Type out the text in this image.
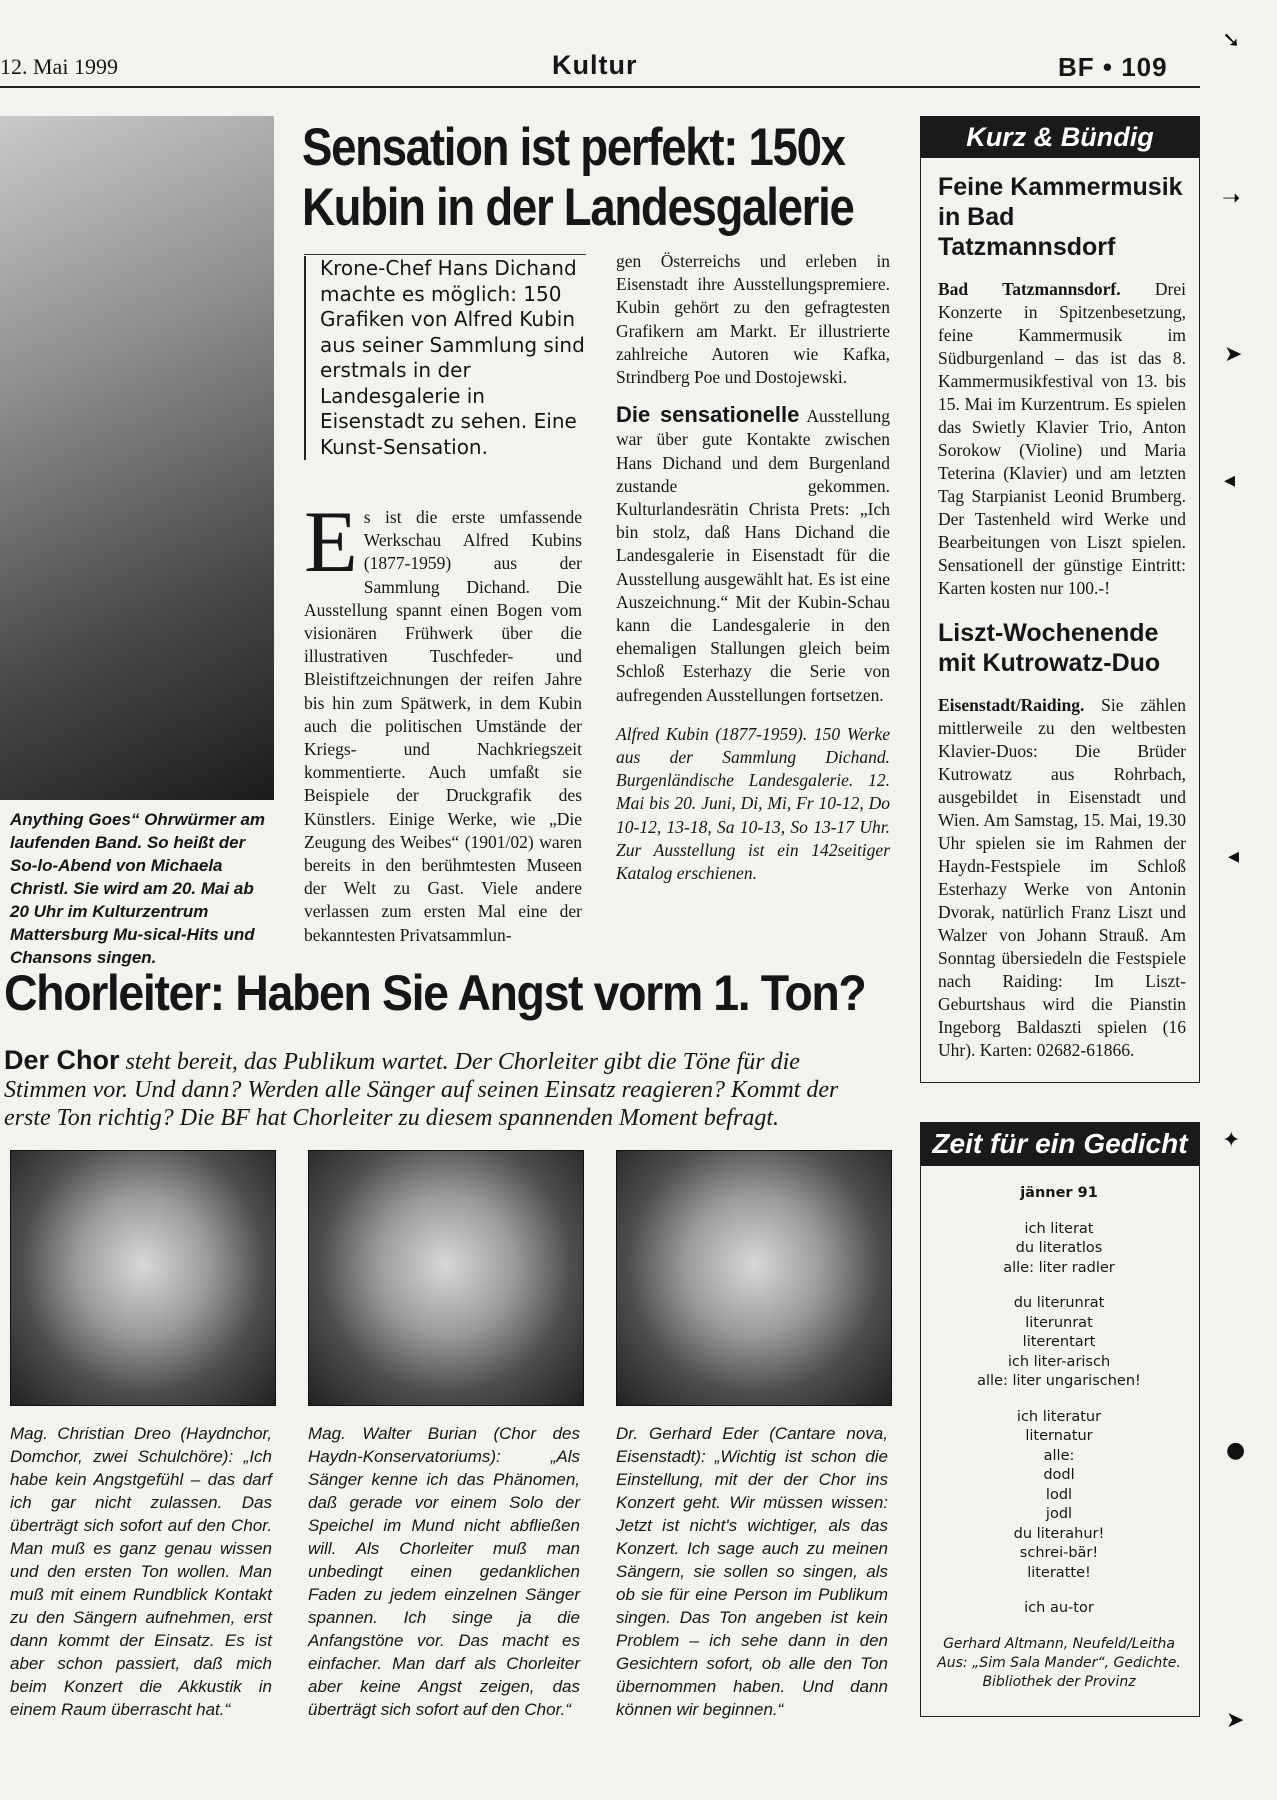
12. Mai 1999	Kultur	BF • 109
Anything Goes“ Ohrwürmer am laufenden Band. So heißt der So-lo-Abend von Michaela Christl. Sie wird am 20. Mai ab 20 Uhr im Kulturzentrum Mattersburg Mu-sical-Hits und Chansons singen.
Sensation ist perfekt: 150x
Kubin in der Landesgalerie
Krone-Chef Hans Dichand machte es möglich: 150 Grafiken von Alfred Kubin aus seiner Sammlung sind erstmals in der Landesgalerie in Eisenstadt zu sehen. Eine Kunst-Sensation.
Es ist die erste umfassende Werkschau Alfred Kubins (1877-1959) aus der Sammlung Dichand. Die Ausstellung spannt einen Bogen vom visionären Frühwerk über die illustrativen Tuschfeder- und Bleistiftzeichnungen der reifen Jahre bis hin zum Spätwerk, in dem Kubin auch die politischen Umstände der Kriegs- und Nachkriegszeit kommentierte. Auch umfaßt sie Beispiele der Druckgrafik des Künstlers. Einige Werke, wie „Die Zeugung des Weibes“ (1901/02) waren bereits in den berühmtesten Museen der Welt zu Gast. Viele andere verlassen zum ersten Mal eine der bekanntesten Privatsammlun-
gen Österreichs und erleben in Eisenstadt ihre Ausstellungspremiere. Kubin gehört zu den gefragtesten Grafikern am Markt. Er illustrierte zahlreiche Autoren wie Kafka, Strindberg Poe und Dostojewski.
Die sensationelle Ausstellung war über gute Kontakte zwischen Hans Dichand und dem Burgenland zustande gekommen. Kulturlandesrätin Christa Prets: „Ich bin stolz, daß Hans Dichand die Landesgalerie in Eisenstadt für die Ausstellung ausgewählt hat. Es ist eine Auszeichnung.“ Mit der Kubin-Schau kann die Landesgalerie in den ehemaligen Stallungen gleich beim Schloß Esterhazy die Serie von aufregenden Ausstellungen fortsetzen.
Alfred Kubin (1877-1959). 150 Werke aus der Sammlung Dichand. Burgenländische Landesgalerie. 12. Mai bis 20. Juni, Di, Mi, Fr 10-12, Do 10-12, 13-18, Sa 10-13, So 13-17 Uhr. Zur Ausstellung ist ein 142seitiger Katalog erschienen.
Chorleiter: Haben Sie Angst vorm 1. Ton?
Der Chor steht bereit, das Publikum wartet. Der Chorleiter gibt die Töne für die Stimmen vor. Und dann? Werden alle Sänger auf seinen Einsatz reagieren? Kommt der erste Ton richtig? Die BF hat Chorleiter zu diesem spannenden Moment befragt.
Mag. Christian Dreo (Haydnchor, Domchor, zwei Schulchöre): „Ich habe kein Angstgefühl – das darf ich gar nicht zulassen. Das überträgt sich sofort auf den Chor. Man muß es ganz genau wissen und den ersten Ton wollen. Man muß mit einem Rundblick Kontakt zu den Sängern aufnehmen, erst dann kommt der Einsatz. Es ist aber schon passiert, daß mich beim Konzert die Akkustik in einem Raum überrascht hat.“
Mag. Walter Burian (Chor des Haydn-Konservatoriums): „Als Sänger kenne ich das Phänomen, daß gerade vor einem Solo der Speichel im Mund nicht abfließen will. Als Chorleiter muß man unbedingt einen gedanklichen Faden zu jedem einzelnen Sänger spannen. Ich singe ja die Anfangstöne vor. Das macht es einfacher. Man darf als Chorleiter aber keine Angst zeigen, das überträgt sich sofort auf den Chor.“
Dr. Gerhard Eder (Cantare nova, Eisenstadt): „Wichtig ist schon die Einstellung, mit der der Chor ins Konzert geht. Wir müssen wissen: Jetzt ist nicht's wichtiger, als das Konzert. Ich sage auch zu meinen Sängern, sie sollen so singen, als ob sie für eine Person im Publikum singen. Das Ton angeben ist kein Problem – ich sehe dann in den Gesichtern sofort, ob alle den Ton übernommen haben. Und dann können wir beginnen.“
Kurz & Bündig
Feine Kammermusik in Bad Tatzmannsdorf
Bad Tatzmannsdorf. Drei Konzerte in Spitzenbesetzung, feine Kammermusik im Südburgenland – das ist das 8. Kammermusikfestival von 13. bis 15. Mai im Kurzentrum. Es spielen das Swietly Klavier Trio, Anton Sorokow (Violine) und Maria Teterina (Klavier) und am letzten Tag Starpianist Leonid Brumberg. Der Tastenheld wird Werke und Bearbeitungen von Liszt spielen. Sensationell der günstige Eintritt: Karten kosten nur 100.-!
Liszt-Wochenende mit Kutrowatz-Duo
Eisenstadt/Raiding. Sie zählen mittlerweile zu den weltbesten Klavier-Duos: Die Brüder Kutrowatz aus Rohrbach, ausgebildet in Eisenstadt und Wien. Am Samstag, 15. Mai, 19.30 Uhr spielen sie im Rahmen der Haydn-Festspiele im Schloß Esterhazy Werke von Antonin Dvorak, natürlich Franz Liszt und Walzer von Johann Strauß. Am Sonntag übersiedeln die Festspiele nach Raiding: Im Liszt-Geburtshaus wird die Pianstin Ingeborg Baldaszti spielen (16 Uhr). Karten: 02682-61866.
Zeit für ein Gedicht
jänner 91
ich literat
du literatlos
alle: liter radler
du literunrat
literunrat
literentart
ich liter-arisch
alle: liter ungarischen!
ich literatur
liternatur
alle:
dodl
lodl
jodl
du literahur!
schrei-bär!
literatte!
ich au-tor
Gerhard Altmann, Neufeld/Leitha
Aus: „Sim Sala Mander“, Gedichte.
Bibliothek der Provinz
➘
➝
➤
◂
◂
✦
●
➤
